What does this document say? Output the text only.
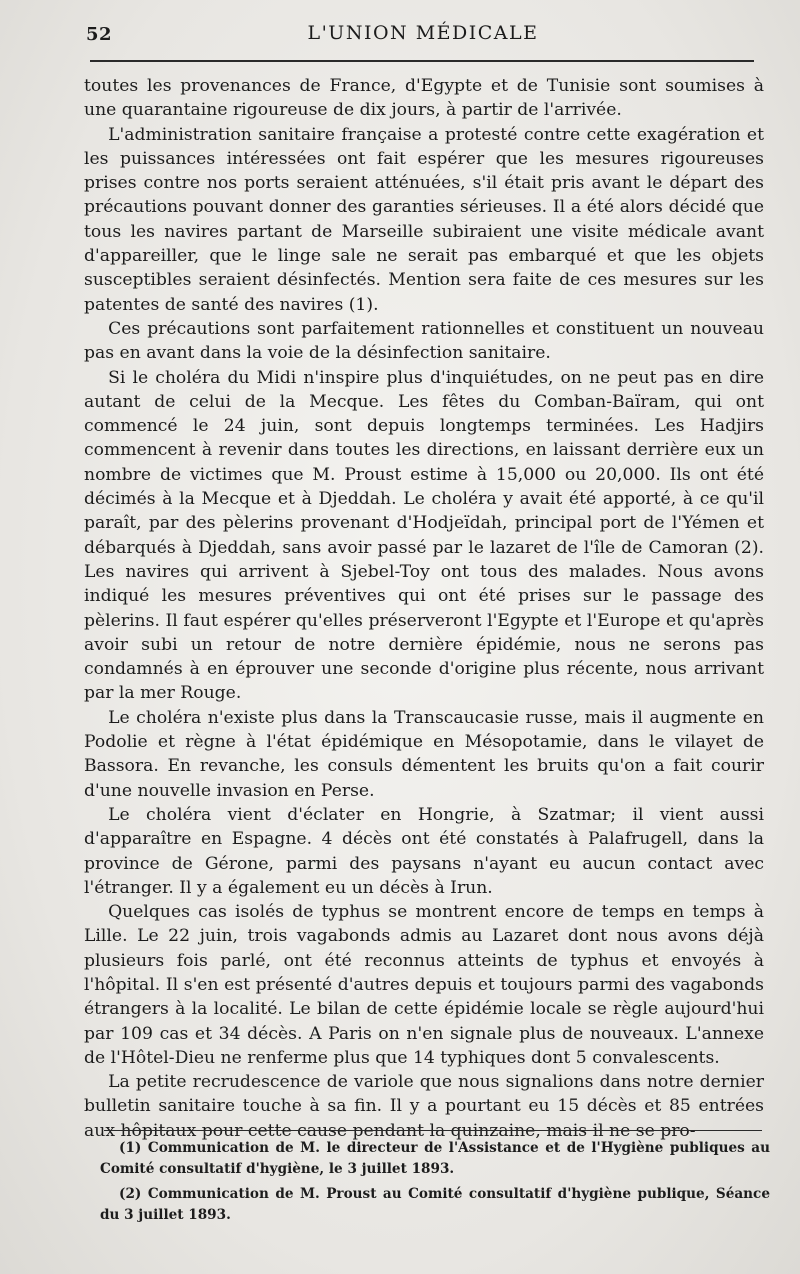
52	L'UNION MÉDICALE

toutes les provenances de France, d'Egypte et de Tunisie sont soumises à une quarantaine rigoureuse de dix jours, à partir de l'arrivée.

L'administration sanitaire française a protesté contre cette exagération et les puissances intéressées ont fait espérer que les mesures rigoureuses prises contre nos ports seraient atténuées, s'il était pris avant le départ des précautions pouvant donner des garanties sérieuses. Il a été alors décidé que tous les navires partant de Marseille subiraient une visite médicale avant d'appareiller, que le linge sale ne serait pas embarqué et que les objets susceptibles seraient désinfectés. Mention sera faite de ces mesures sur les patentes de santé des navires (1).

Ces précautions sont parfaitement rationnelles et constituent un nouveau pas en avant dans la voie de la désinfection sanitaire.

Si le choléra du Midi n'inspire plus d'inquiétudes, on ne peut pas en dire autant de celui de la Mecque. Les fêtes du Comban-Baïram, qui ont commencé le 24 juin, sont depuis longtemps terminées. Les Hadjirs commencent à revenir dans toutes les directions, en laissant derrière eux un nombre de victimes que M. Proust estime à 15,000 ou 20,000. Ils ont été décimés à la Mecque et à Djeddah. Le choléra y avait été apporté, à ce qu'il paraît, par des pèlerins provenant d'Hodjeïdah, principal port de l'Yémen et débarqués à Djeddah, sans avoir passé par le lazaret de l'île de Camoran (2). Les navires qui arrivent à Sjebel-Toy ont tous des malades. Nous avons indiqué les mesures préventives qui ont été prises sur le passage des pèlerins. Il faut espérer qu'elles préserveront l'Egypte et l'Europe et qu'après avoir subi un retour de notre dernière épidémie, nous ne serons pas condamnés à en éprouver une seconde d'origine plus récente, nous arrivant par la mer Rouge.

Le choléra n'existe plus dans la Transcaucasie russe, mais il augmente en Podolie et règne à l'état épidémique en Mésopotamie, dans le vilayet de Bassora. En revanche, les consuls démentent les bruits qu'on a fait courir d'une nouvelle invasion en Perse.

Le choléra vient d'éclater en Hongrie, à Szatmar; il vient aussi d'apparaître en Espagne. 4 décès ont été constatés à Palafrugell, dans la province de Gérone, parmi des paysans n'ayant eu aucun contact avec l'étranger. Il y a également eu un décès à Irun.

Quelques cas isolés de typhus se montrent encore de temps en temps à Lille. Le 22 juin, trois vagabonds admis au Lazaret dont nous avons déjà plusieurs fois parlé, ont été reconnus atteints de typhus et envoyés à l'hôpital. Il s'en est présenté d'autres depuis et toujours parmi des vagabonds étrangers à la localité. Le bilan de cette épidémie locale se règle aujourd'hui par 109 cas et 34 décès. A Paris on n'en signale plus de nouveaux. L'annexe de l'Hôtel-Dieu ne renferme plus que 14 typhiques dont 5 convalescents.

La petite recrudescence de variole que nous signalions dans notre dernier bulletin sanitaire touche à sa fin. Il y a pourtant eu 15 décès et 85 entrées aux hôpitaux pour cette cause pendant la quinzaine, mais il ne se pro-

(1) Communication de M. le directeur de l'Assistance et de l'Hygiène publiques au Comité consultatif d'hygiène, le 3 juillet 1893.

(2) Communication de M. Proust au Comité consultatif d'hygiène publique, Séance du 3 juillet 1893.
